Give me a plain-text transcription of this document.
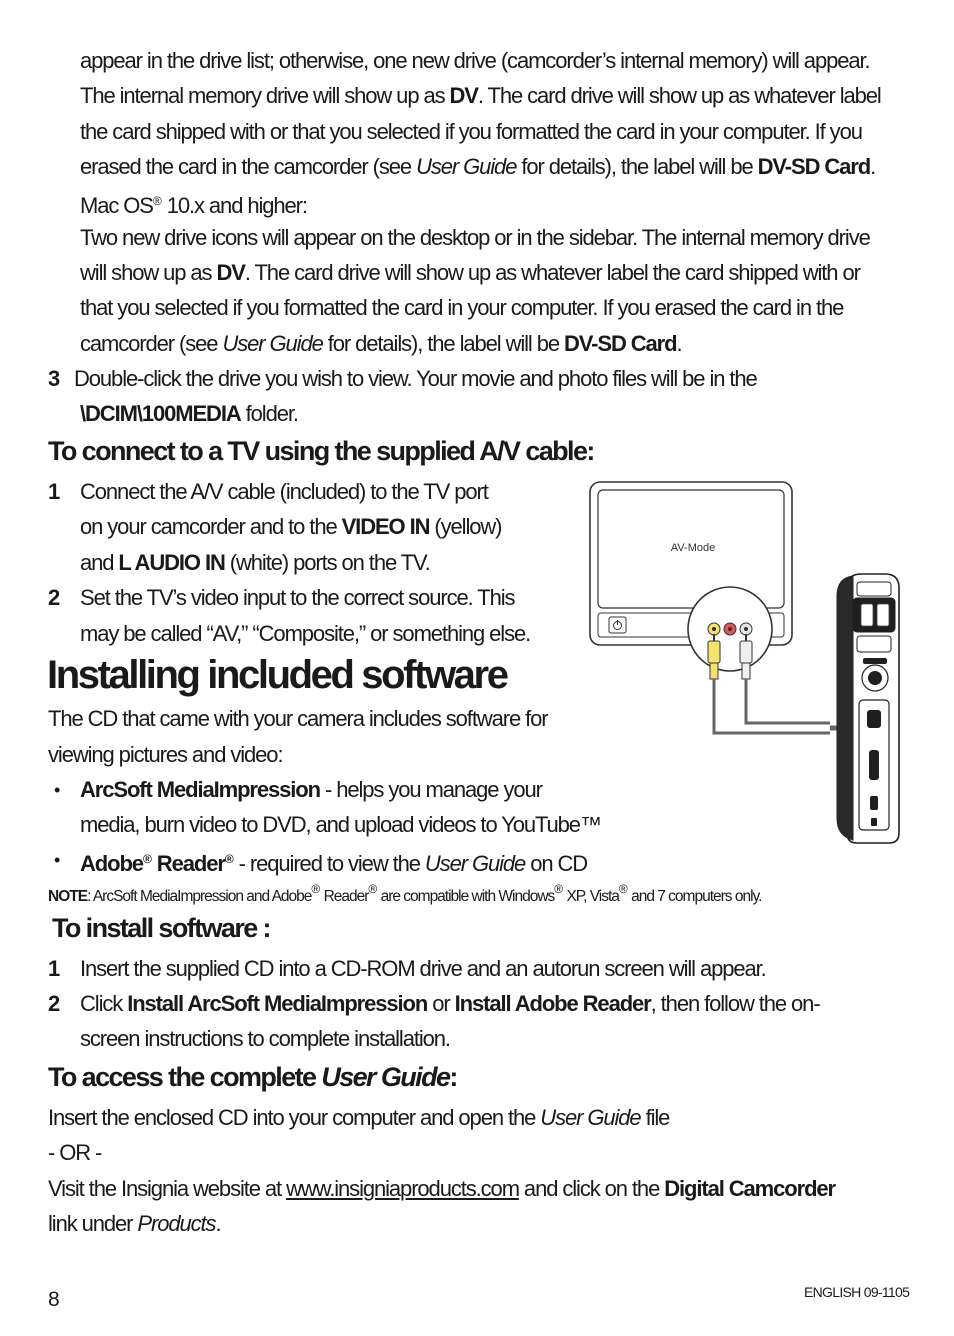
appear in the drive list; otherwise, one new drive (camcorder’s internal memory) will appear.
The internal memory drive will show up as DV. The card drive will show up as whatever label
the card shipped with or that you selected if you formatted the card in your computer. If you
erased the card in the camcorder (see User Guide for details), the label will be DV-SD Card.
Mac OS® 10.x and higher:
Two new drive icons will appear on the desktop or in the sidebar. The internal memory drive
will show up as DV. The card drive will show up as whatever label the card shipped with or
that you selected if you formatted the card in your computer. If you erased the card in the
camcorder (see User Guide for details), the label will be DV-SD Card.
3 Double-click the drive you wish to view. Your movie and photo files will be in the
\DCIM\100MEDIA folder.
To connect to a TV using the supplied A/V cable:
1 Connect the A/V cable (included) to the TV port
on your camcorder and to the VIDEO IN (yellow)
and L AUDIO IN (white) ports on the TV.
2 Set the TV’s video input to the correct source. This
may be called “AV,” “Composite,” or something else.
AV-Mode
Installing included software
The CD that came with your camera includes software for
viewing pictures and video:
• ArcSoft MediaImpression - helps you manage your
media, burn video to DVD, and upload videos to YouTube™
• Adobe® Reader® - required to view the User Guide on CD
NOTE: ArcSoft MediaImpression and Adobe® Reader® are compatible with Windows® XP, Vista® and 7 computers only.
To install software :
1 Insert the supplied CD into a CD-ROM drive and an autorun screen will appear.
2 Click Install ArcSoft MediaImpression or Install Adobe Reader, then follow the on-
screen instructions to complete installation.
To access the complete User Guide:
Insert the enclosed CD into your computer and open the User Guide file
- OR -
Visit the Insignia website at www.insigniaproducts.com and click on the Digital Camcorder
link under Products.
8	ENGLISH 09-1105
